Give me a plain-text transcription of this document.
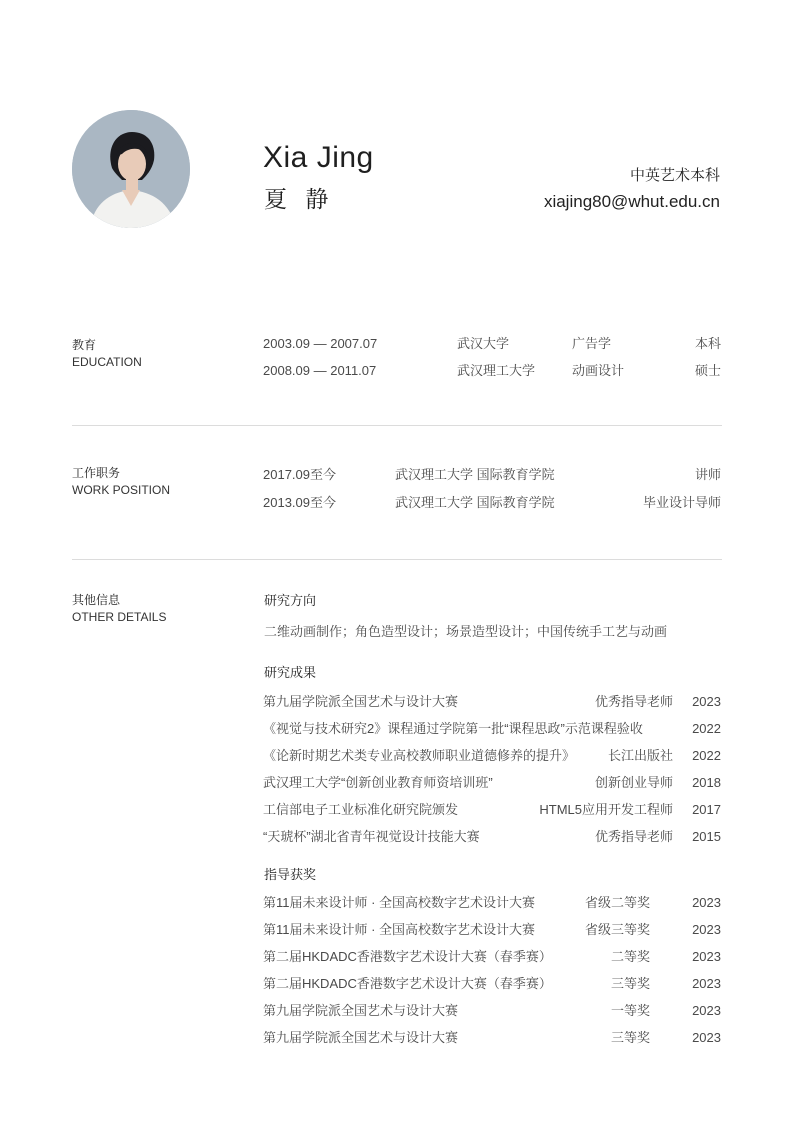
Xia Jing
夏 静
中英艺术本科
xiajing80@whut.edu.cn
教育
EDUCATION
2003.09 — 2007.07	武汉大学	广告学	本科
2008.09 — 2011.07	武汉理工大学	动画设计	硕士
工作职务
WORK POSITION
2017.09至今	武汉理工大学 国际教育学院	讲师
2013.09至今	武汉理工大学 国际教育学院	毕业设计导师
其他信息
OTHER DETAILS
研究方向
二维动画制作；角色造型设计；场景造型设计；中国传统手工艺与动画
研究成果
第九届学院派全国艺术与设计大赛	优秀指导老师 2023
《视觉与技术研究2》课程通过学院第一批“课程思政”示范课程验收	2022
《论新时期艺术类专业高校教师职业道德修养的提升》	长江出版社 2022
武汉理工大学“创新创业教育师资培训班”	创新创业导师 2018
工信部电子工业标准化研究院颁发	HTML5应用开发工程师 2017
“天琥杯”湖北省青年视觉设计技能大赛	优秀指导老师 2015
指导获奖
第11届未来设计师 · 全国高校数字艺术设计大赛	省级二等奖	2023
第11届未来设计师 · 全国高校数字艺术设计大赛	省级三等奖	2023
第二届HKDADC香港数字艺术设计大赛（春季赛）	二等奖	2023
第二届HKDADC香港数字艺术设计大赛（春季赛）	三等奖	2023
第九届学院派全国艺术与设计大赛	一等奖	2023
第九届学院派全国艺术与设计大赛	三等奖	2023
